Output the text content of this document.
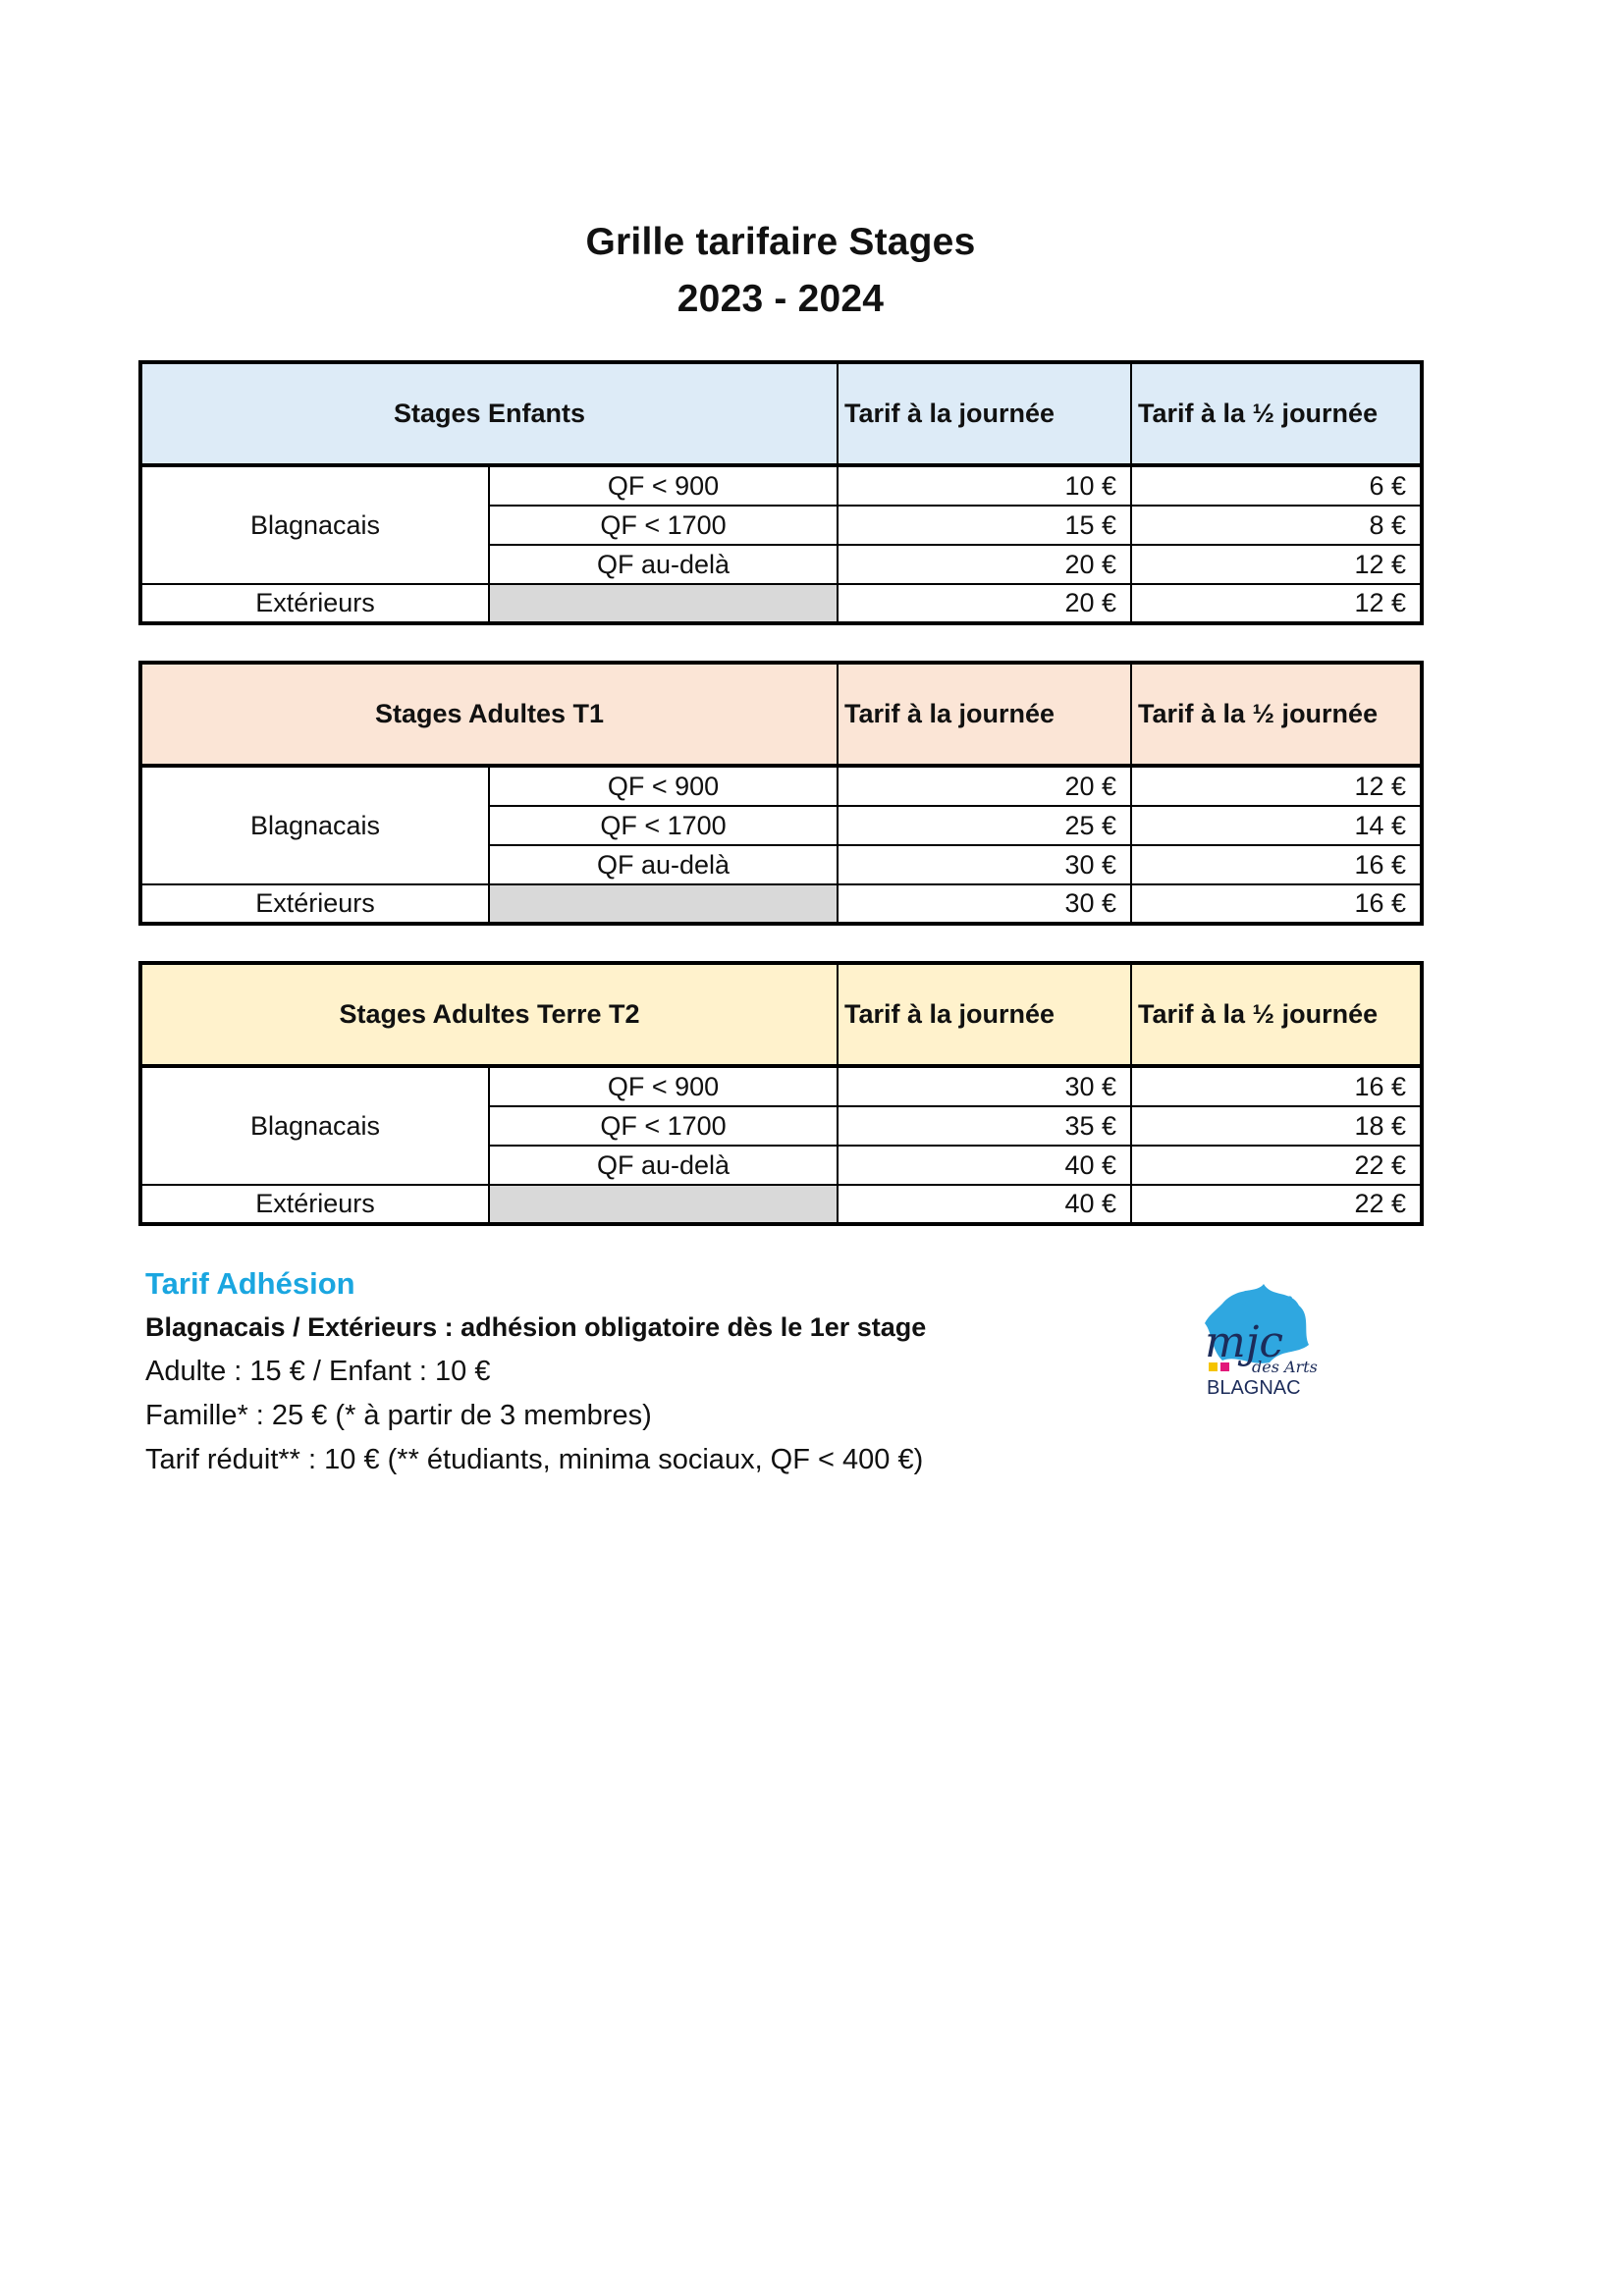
Grille tarifaire Stages
2023 - 2024
Stages Enfants		Tarif à la journée	Tarif à la ½ journée
Blagnacais	QF < 900	10 €	6 €
	QF < 1700	15 €	8 €
	QF au-delà	20 €	12 €
Extérieurs		20 €	12 €
Stages Adultes T1		Tarif à la journée	Tarif à la ½ journée
Blagnacais	QF < 900	20 €	12 €
	QF < 1700	25 €	14 €
	QF au-delà	30 €	16 €
Extérieurs		30 €	16 €
Stages Adultes Terre T2		Tarif à la journée	Tarif à la ½ journée
Blagnacais	QF < 900	30 €	16 €
	QF < 1700	35 €	18 €
	QF au-delà	40 €	22 €
Extérieurs		40 €	22 €
Tarif Adhésion
Blagnacais / Extérieurs : adhésion obligatoire dès le 1er stage
Adulte : 15 € / Enfant : 10 €
Famille* : 25 € (* à partir de 3 membres)
Tarif réduit** : 10 € (** étudiants, minima sociaux, QF < 400 €)
mjc
des Arts
BLAGNAC
